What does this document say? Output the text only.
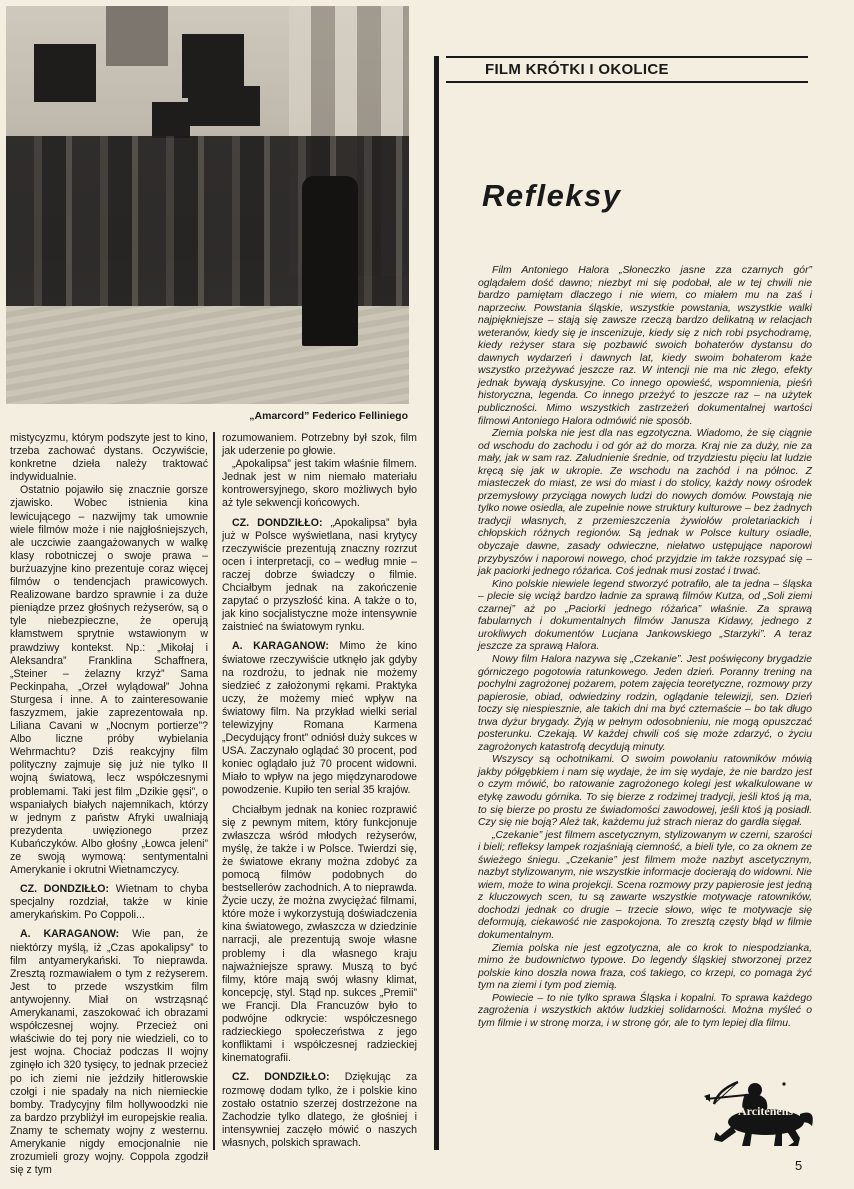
„Amarcord” Federico Felliniego

mistycyzmu, którym podszyte jest to kino, trzeba zachować dystans. Oczywiście, konkretne dzieła należy traktować indywidualnie.

Ostatnio pojawiło się znacznie gorsze zjawisko. Wobec istnienia kina lewicującego – nazwijmy tak umownie wiele filmów może i nie najgłośniejszych, ale uczciwie zaangażowanych w walkę klasy robotniczej o swoje prawa – burżuazyjne kino prezentuje coraz więcej filmów o tendencjach prawicowych. Realizowane bardzo sprawnie i za duże pieniądze przez głośnych reżyserów, są o tyle niebezpieczne, że operują kłamstwem sprytnie wstawionym w prawdziwy kontekst. Np.: „Mikołaj i Aleksandra” Franklina Schaffnera, „Steiner – żelazny krzyż” Sama Peckinpaha, „Orzeł wylądował” Johna Sturgesa i inne. A to zainteresowanie faszyzmem, jakie zaprezentowała np. Liliana Cavani w „Nocnym portierze”? Albo liczne próby wybielania Wehrmachtu? Dziś reakcyjny film polityczny zajmuje się już nie tylko II wojną światową, lecz współczesnymi problemami. Taki jest film „Dzikie gęsi”, o wspaniałych białych najemnikach, którzy w jednym z państw Afryki uwalniają prezydenta uwięzionego przez Kubańczyków. Albo głośny „Łowca jeleni” ze swoją wymową: sentymentalni Amerykanie i okrutni Wietnamczycy.

CZ. DONDZIŁŁO: Wietnam to chyba specjalny rozdział, także w kinie amerykańskim. Po Coppoli...

A. KARAGANOW: Wie pan, że niektórzy myślą, iż „Czas apokalipsy” to film antyamerykański. To nieprawda. Zresztą rozmawiałem o tym z reżyserem. Jest to przede wszystkim film antywojenny. Miał on wstrząsnąć Amerykanami, zaszokować ich obrazami współczesnej wojny. Przecież oni właściwie do tej pory nie wiedzieli, co to jest wojna. Chociaż podczas II wojny zginęło ich 320 tysięcy, to jednak przecież po ich ziemi nie jeździły hitlerowskie czołgi i nie spadały na nich niemieckie bomby. Tradycyjny film hollywoodzki nie za bardzo przybliżył im europejskie realia. Znamy te schematy wojny z westernu. Amerykanie nigdy emocjonalnie nie zrozumieli grozy wojny. Coppola zgodził się z tym

rozumowaniem. Potrzebny był szok, film jak uderzenie po głowie.

„Apokalipsa” jest takim właśnie filmem. Jednak jest w nim niemało materiału kontrowersyjnego, skoro możliwych było aż tyle sekwencji końcowych.

CZ. DONDZIŁŁO: „Apokalipsa” była już w Polsce wyświetlana, nasi krytycy rzeczywiście prezentują znaczny rozrzut ocen i interpretacji, co – według mnie – raczej dobrze świadczy o filmie. Chciałbym jednak na zakończenie zapytać o przyszłość kina. A także o to, jak kino socjalistyczne może intensywnie zaistnieć na światowym rynku.

A. KARAGANOW: Mimo że kino światowe rzeczywiście utknęło jak gdyby na rozdrożu, to jednak nie możemy siedzieć z założonymi rękami. Praktyka uczy, że możemy mieć wpływ na światowy film. Na przykład wielki serial telewizyjny Romana Karmena „Decydujący front” odniósł duży sukces w USA. Zaczynało oglądać 30 procent, pod koniec oglądało już 70 procent widowni. Miało to wpływ na jego międzynarodowe powodzenie. Kupiło ten serial 35 krajów.

Chciałbym jednak na koniec rozprawić się z pewnym mitem, który funkcjonuje zwłaszcza wśród młodych reżyserów, myślę, że także i w Polsce. Twierdzi się, że światowe ekrany można zdobyć za pomocą filmów podobnych do bestsellerów zachodnich. A to nieprawda. Życie uczy, że można zwyciężać filmami, które może i wykorzystują doświadczenia kina światowego, zwłaszcza w dziedzinie narracji, ale prezentują swoje własne problemy i dla własnego kraju najważniejsze sprawy. Muszą to być filmy, które mają swój własny klimat, koncepcję, styl. Stąd np. sukces „Premii” we Francji. Dla Francuzów było to podwójne odkrycie: współczesnego radzieckiego społeczeństwa z jego konfliktami i współczesnej radzieckiej kinematografii.

CZ. DONDZIŁŁO: Dziękując za rozmowę dodam tylko, że i polskie kino zostało ostatnio szerzej dostrzeżone na Zachodzie tylko dlatego, że głośniej i intensywniej zaczęło mówić o naszych własnych, polskich sprawach.

FILM KRÓTKI I OKOLICE
Refleksy

Film Antoniego Halora „Słoneczko jasne zza czarnych gór” oglądałem dość dawno; niezbyt mi się podobał, ale w tej chwili nie bardzo pamiętam dlaczego i nie wiem, co miałem mu na zaś i naprzeciw. Powstania śląskie, wszystkie powstania, wszystkie walki najpiękniejsze – stają się zawsze rzeczą bardzo delikatną w relacjach weteranów, kiedy się je inscenizuje, kiedy się z nich robi psychodramę, kiedy reżyser stara się pozbawić swoich bohaterów dystansu do dawnych wydarzeń i dawnych lat, kiedy swoim bohaterom każe wszystko przeżywać jeszcze raz. W intencji nie ma nic złego, efekty jednak bywają dyskusyjne. Co innego opowieść, wspomnienia, pieśń historyczna, legenda. Co innego przeżyć to jeszcze raz – na użytek publiczności. Mimo wszystkich zastrzeżeń dokumentalnej wartości filmowi Antoniego Halora odmówić nie sposób.

Ziemia polska nie jest dla nas egzotyczna. Wiadomo, że się ciągnie od wschodu do zachodu i od gór aż do morza. Kraj nie za duży, nie za mały, jak w sam raz. Zaludnienie średnie, od trzydziestu pięciu lat ludzie kręcą się jak w ukropie. Ze wschodu na zachód i na północ. Z miasteczek do miast, ze wsi do miast i do stolicy, każdy nowy ośrodek przemysłowy przyciąga nowych ludzi do nowych domów. Powstają nie tylko nowe osiedla, ale zupełnie nowe struktury kulturowe – bez żadnych tradycji własnych, z przemieszczenia żywiołów proletariackich i chłopskich różnych regionów. Są jednak w Polsce kultury osiadłe, obyczaje dawne, zasady odwieczne, niełatwo ustępujące naporowi przybyszów i naporowi nowego, choć przyjdzie im także rozsypać się – jak paciorki jednego różańca. Coś jednak musi zostać i trwać.

Kino polskie niewiele legend stworzyć potrafiło, ale ta jedna – śląska – plecie się wciąż bardzo ładnie za sprawą filmów Kutza, od „Soli ziemi czarnej” aż po „Paciorki jednego różańca” właśnie. Za sprawą fabularnych i dokumentalnych filmów Janusza Kidawy, jednego z urokliwych dokumentów Lucjana Jankowskiego „Starzyki”. A teraz jeszcze za sprawą Halora.

Nowy film Halora nazywa się „Czekanie”. Jest poświęcony brygadzie górniczego pogotowia ratunkowego. Jeden dzień. Poranny trening na pochylni zagrożonej pożarem, potem zajęcia teoretyczne, rozmowy przy papierosie, obiad, odwiedziny rodzin, oglądanie telewizji, sen. Dzień toczy się niespiesznie, ale takich dni ma być czternaście – bo tak długo trwa dyżur brygady. Żyją w pełnym odosobnieniu, nie mogą opuszczać posterunku. Czekają. W każdej chwili coś się może zdarzyć, o życiu zagrożonych katastrofą decydują minuty.

Wszyscy są ochotnikami. O swoim powołaniu ratowników mówią jakby półgębkiem i nam się wydaje, że im się wydaje, że nie bardzo jest o czym mówić, bo ratowanie zagrożonego kolegi jest wkalkulowane w etykę zawodu górnika. To się bierze z rodzimej tradycji, jeśli ktoś ją ma, to się bierze po prostu ze świadomości zawodowej, jeśli ktoś ją posiadł. Czy się nie boją? Ależ tak, każdemu już strach nieraz do gardła sięgał.

„Czekanie” jest filmem ascetycznym, stylizowanym w czerni, szarości i bieli; refleksy lampek rozjaśniają ciemność, a bieli tyle, co za oknem ze świeżego śniegu. „Czekanie” jest filmem może nazbyt ascetycznym, nazbyt stylizowanym, nie wszystkie informacje docierają do widowni. Nie wiem, może to wina projekcji. Scena rozmowy przy papierosie jest jedną z kluczowych scen, tu są zawarte wszystkie motywacje ratowników, dochodzi jednak co drugie – trzecie słowo, więc te motywacje się deformują, ciekawość nie zaspokojona. To zresztą częsty błąd w filmie dokumentalnym.

Ziemia polska nie jest egzotyczna, ale co krok to niespodzianka, mimo że budownictwo typowe. Do legendy śląskiej stworzonej przez polskie kino doszła nowa fraza, coś takiego, co krzepi, co pomaga żyć tym na ziemi i tym pod ziemią.

Powiecie – to nie tylko sprawa Śląska i kopalni. To sprawa każdego zagrożenia i wszystkich aktów ludzkiej solidarności. Można myśleć o tym filmie i w stronę morza, i w stronę gór, ale to tym lepiej dla filmu.

Arcitenens
5
